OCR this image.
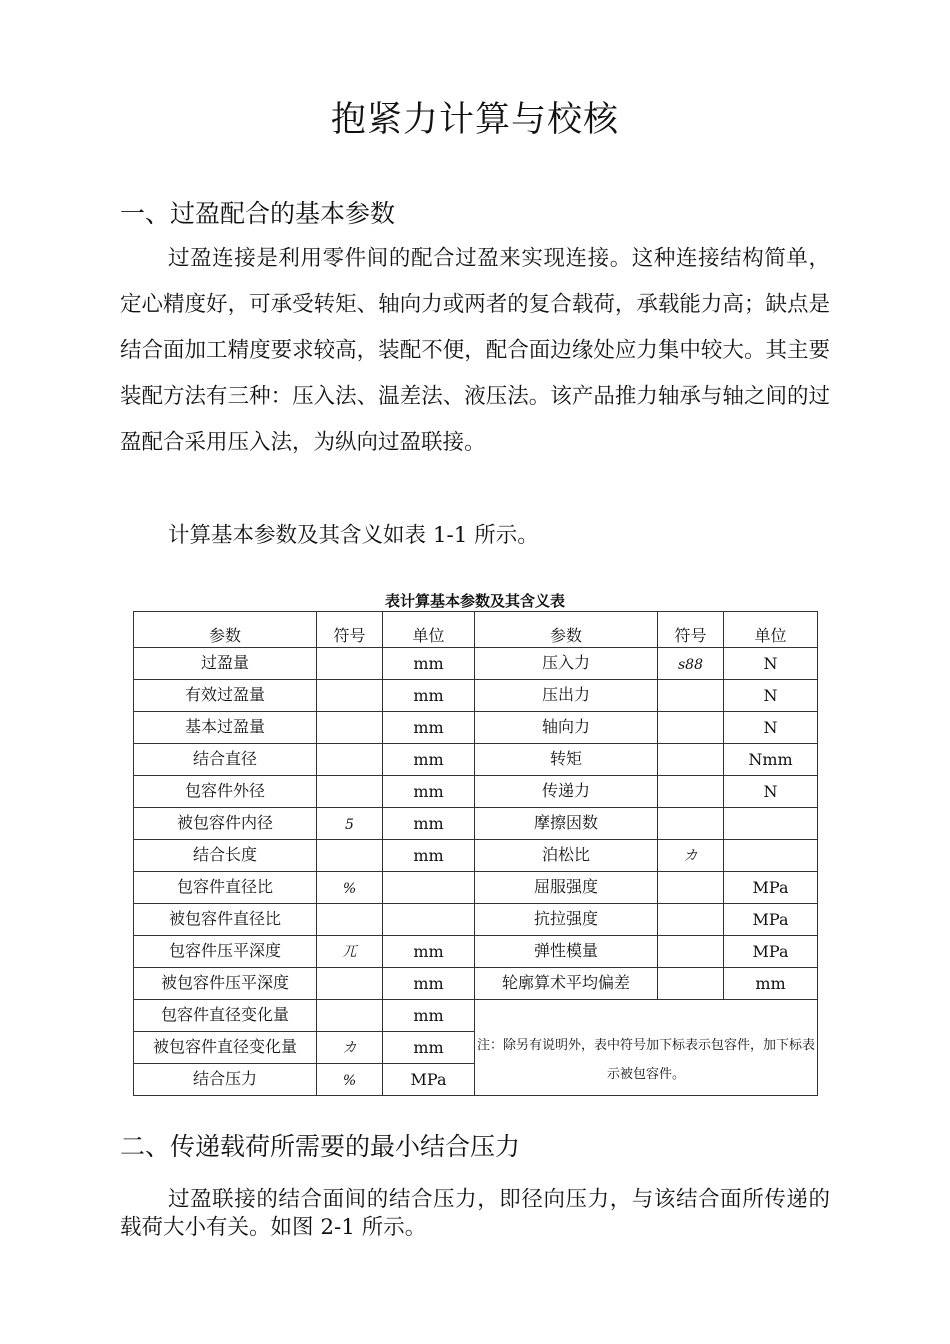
抱紧力计算与校核
一、过盈配合的基本参数

过盈连接是利用零件间的配合过盈来实现连接。这种连接结构简单，定心精度好，可承受转矩、轴向力或两者的复合载荷，承载能力高；缺点是结合面加工精度要求较高，装配不便，配合面边缘处应力集中较大。其主要装配方法有三种：压入法、温差法、液压法。该产品推力轴承与轴之间的过盈配合采用压入法，为纵向过盈联接。

计算基本参数及其含义如表 1-1 所示。

表计算基本参数及其含义表
参数	符号	单位	参数	符号	单位
过盈量		mm	压入力	s88	N
有效过盈量		mm	压出力		N
基本过盈量		mm	轴向力		N
结合直径		mm	转矩		Nmm
包容件外径		mm	传递力		N
被包容件内径	5	mm	摩擦因数		
结合长度		mm	泊松比	カ	
包容件直径比	%		屈服强度		MPa
被包容件直径比			抗拉强度		MPa
包容件压平深度	兀	mm	弹性模量		MPa
被包容件压平深度		mm	轮廓算术平均偏差		mm
包容件直径变化量		mm	注：除另有说明外，表中符号加下标表示包容件，加下标表示被包容件。		
被包容件直径变化量	カ	mm			
结合压力	%	MPa			
二、传递载荷所需要的最小结合压力

过盈联接的结合面间的结合压力，即径向压力，与该结合面所传递的载荷大小有关。如图 2-1 所示。
